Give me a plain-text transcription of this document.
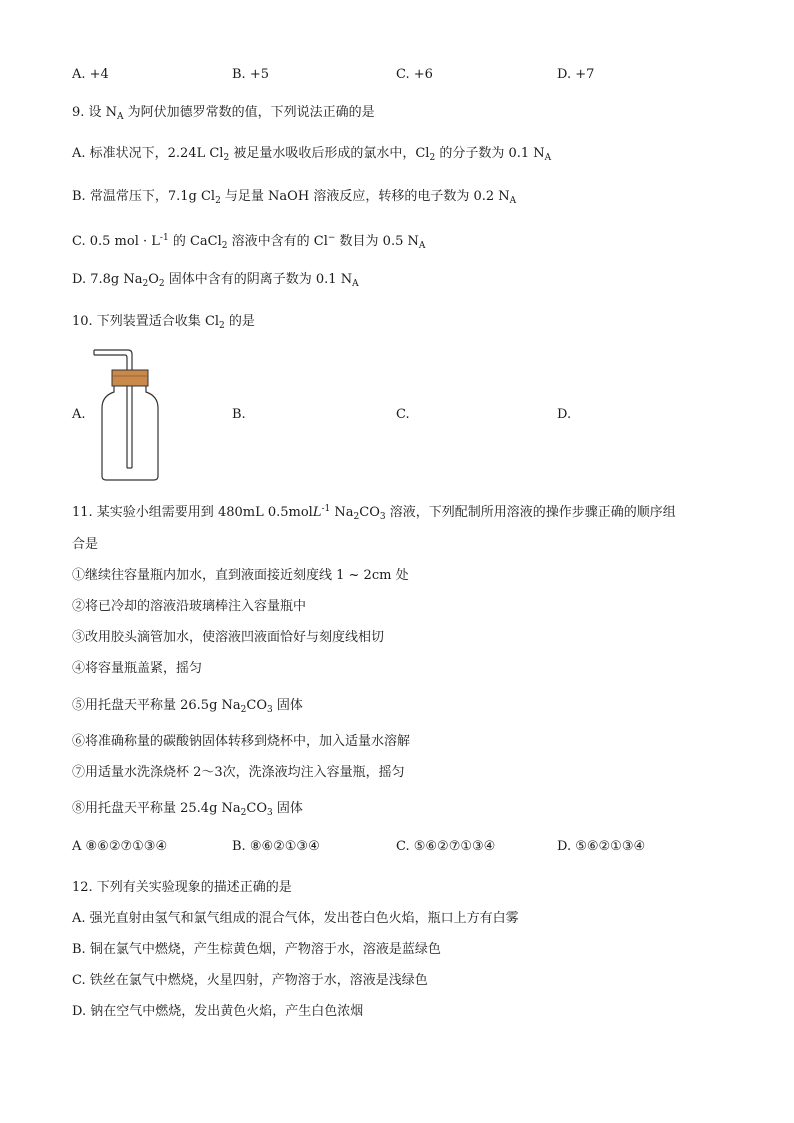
A. +4	B. +5	C. +6	D. +7
9. 设 $N_A$ 为阿伏加德罗常数的值，下列说法正确的是
A. 标准状况下，2.24L $Cl_2$ 被足量水吸收后形成的氯水中，$Cl_2$ 的分子数为 0.1 $N_A$
B. 常温常压下，7.1g $Cl_2$ 与足量 NaOH 溶液反应，转移的电子数为 0.2 $N_A$
C. 0.5 mol · $L^{-1}$ 的 CaCl$_2$ 溶液中含有的 Cl− 数目为 0.5 $N_A$
D. 7.8g $Na_2O_2$ 固体中含有的阴离子数为 0.1 $N_A$
10. 下列装置适合收集 $Cl_2$ 的是
A.	B.	C.	D.
11. 某实验小组需要用到 480mL 0.5molL$^{-1}$ $Na_2CO_3$ 溶液，下列配制所用溶液的操作步骤正确的顺序组
合是
①继续往容量瓶内加水，直到液面接近刻度线 1 ~ 2cm 处
②将已冷却的溶液沿玻璃棒注入容量瓶中
③改用胶头滴管加水，使溶液凹液面恰好与刻度线相切
④将容量瓶盖紧，摇匀
⑤用托盘天平称量 26.5g $Na_2CO_3$ 固体
⑥将准确称量的碳酸钠固体转移到烧杯中，加入适量水溶解
⑦用适量水洗涤烧杯 2～3次，洗涤液均注入容量瓶，摇匀
⑧用托盘天平称量 25.4g $Na_2CO_3$ 固体
A ⑧⑥②⑦①③④	B. ⑧⑥②①③④	C. ⑤⑥②⑦①③④	D. ⑤⑥②①③④
12. 下列有关实验现象的描述正确的是
A. 强光直射由氢气和氯气组成的混合气体，发出苍白色火焰，瓶口上方有白雾
B. 铜在氯气中燃烧，产生棕黄色烟，产物溶于水，溶液是蓝绿色
C. 铁丝在氯气中燃烧，火星四射，产物溶于水，溶液是浅绿色
D. 钠在空气中燃烧，发出黄色火焰，产生白色浓烟
